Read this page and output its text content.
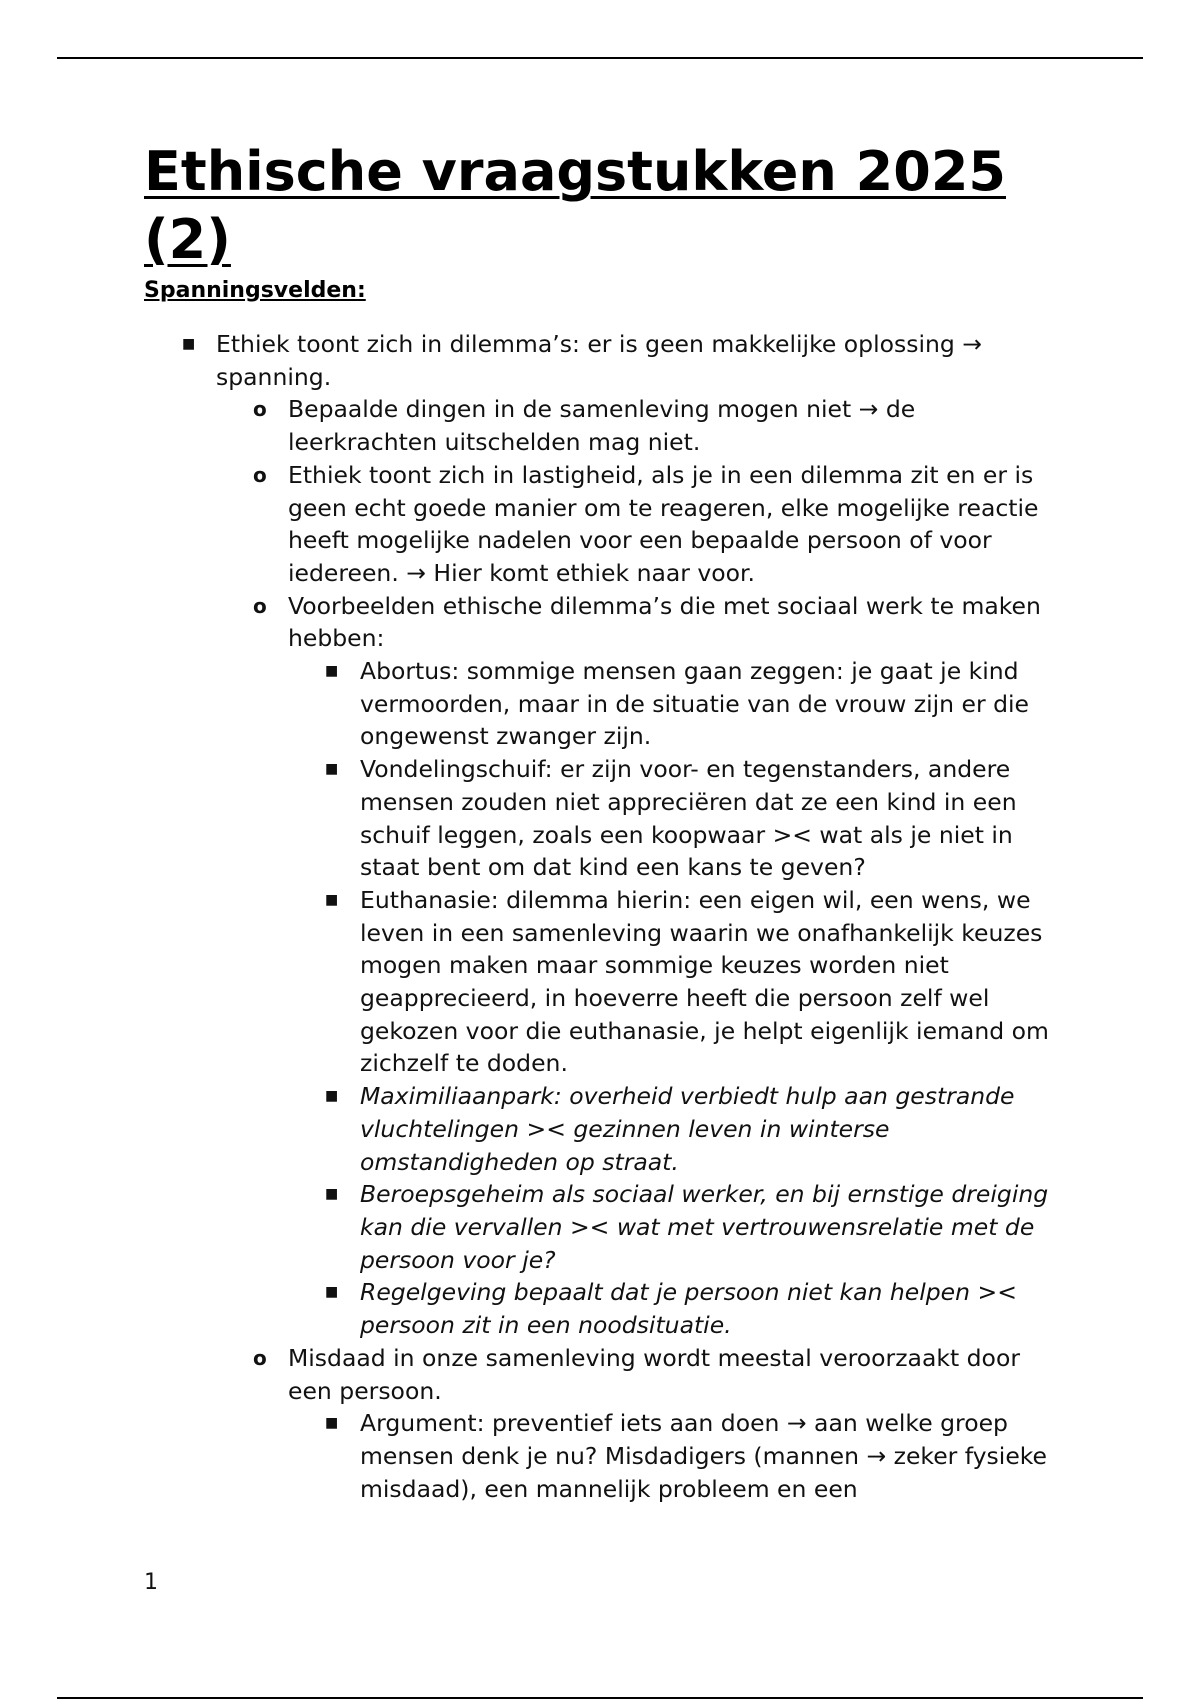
Ethische vraagstukken 2025 (2)
Spanningsvelden:
■ Ethiek toont zich in dilemma’s: er is geen makkelijke oplossing → spanning.
o Bepaalde dingen in de samenleving mogen niet → de leerkrachten uitschelden mag niet.
o Ethiek toont zich in lastigheid, als je in een dilemma zit en er is geen echt goede manier om te reageren, elke mogelijke reactie heeft mogelijke nadelen voor een bepaalde persoon of voor iedereen. → Hier komt ethiek naar voor.
o Voorbeelden ethische dilemma’s die met sociaal werk te maken hebben:
■ Abortus: sommige mensen gaan zeggen: je gaat je kind vermoorden, maar in de situatie van de vrouw zijn er die ongewenst zwanger zijn.
■ Vondelingschuif: er zijn voor- en tegenstanders, andere mensen zouden niet appreciëren dat ze een kind in een schuif leggen, zoals een koopwaar >< wat als je niet in staat bent om dat kind een kans te geven?
■ Euthanasie: dilemma hierin: een eigen wil, een wens, we leven in een samenleving waarin we onafhankelijk keuzes mogen maken maar sommige keuzes worden niet geapprecieerd, in hoeverre heeft die persoon zelf wel gekozen voor die euthanasie, je helpt eigenlijk iemand om zichzelf te doden.
■ Maximiliaanpark: overheid verbiedt hulp aan gestrande vluchtelingen >< gezinnen leven in winterse omstandigheden op straat.
■ Beroepsgeheim als sociaal werker, en bij ernstige dreiging kan die vervallen >< wat met vertrouwensrelatie met de persoon voor je?
■ Regelgeving bepaalt dat je persoon niet kan helpen >< persoon zit in een noodsituatie.
o Misdaad in onze samenleving wordt meestal veroorzaakt door een persoon.
■ Argument: preventief iets aan doen → aan welke groep mensen denk je nu? Misdadigers (mannen → zeker fysieke misdaad), een mannelijk probleem en een
1
